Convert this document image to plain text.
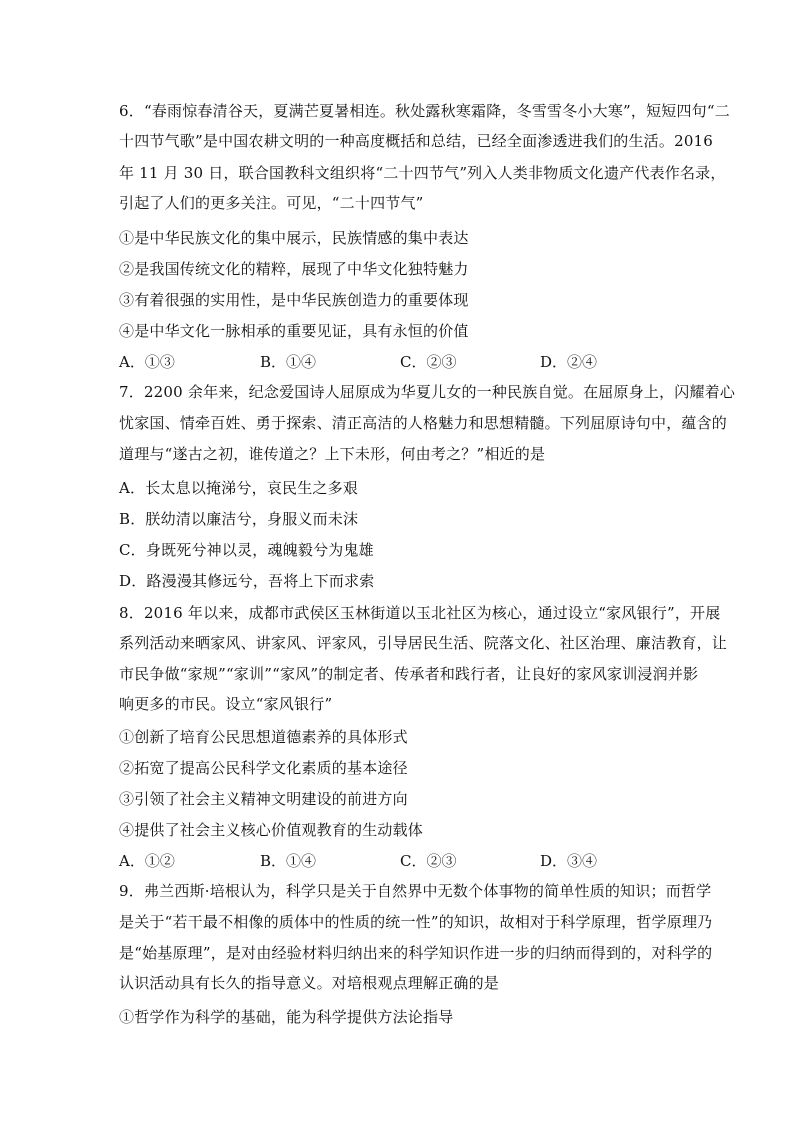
6．“春雨惊春清谷天，夏满芒夏暑相连。秋处露秋寒霜降，冬雪雪冬小大寒”，短短四句“二
十四节气歌”是中国农耕文明的一种高度概括和总结，已经全面渗透进我们的生活。2016
年 11 月 30 日，联合国教科文组织将“二十四节气”列入人类非物质文化遗产代表作名录，
引起了人们的更多关注。可见，“二十四节气”
①是中华民族文化的集中展示，民族情感的集中表达
②是我国传统文化的精粹，展现了中华文化独特魅力
③有着很强的实用性，是中华民族创造力的重要体现
④是中华文化一脉相承的重要见证，具有永恒的价值
A．①③	B．①④	C．②③	D．②④
7．2200 余年来，纪念爱国诗人屈原成为华夏儿女的一种民族自觉。在屈原身上，闪耀着心
忧家国、情牵百姓、勇于探索、清正高洁的人格魅力和思想精髓。下列屈原诗句中，蕴含的
道理与“遂古之初，谁传道之？上下未形，何由考之？”相近的是
A．长太息以掩涕兮，哀民生之多艰
B．朕幼清以廉洁兮，身服义而未沫
C．身既死兮神以灵，魂魄毅兮为鬼雄
D．路漫漫其修远兮，吾将上下而求索
8．2016 年以来，成都市武侯区玉林街道以玉北社区为核心，通过设立“家风银行”，开展
系列活动来晒家风、讲家风、评家风，引导居民生活、院落文化、社区治理、廉洁教育，让
市民争做“家规”“家训”“家风”的制定者、传承者和践行者，让良好的家风家训浸润并影
响更多的市民。设立“家风银行”
①创新了培育公民思想道德素养的具体形式
②拓宽了提高公民科学文化素质的基本途径
③引领了社会主义精神文明建设的前进方向
④提供了社会主义核心价值观教育的生动载体
A．①②	B．①④	C．②③	D．③④
9．弗兰西斯·培根认为，科学只是关于自然界中无数个体事物的简单性质的知识；而哲学
是关于“若干最不相像的质体中的性质的统一性”的知识，故相对于科学原理，哲学原理乃
是“始基原理”，是对由经验材料归纳出来的科学知识作进一步的归纳而得到的，对科学的
认识活动具有长久的指导意义。对培根观点理解正确的是
①哲学作为科学的基础，能为科学提供方法论指导
